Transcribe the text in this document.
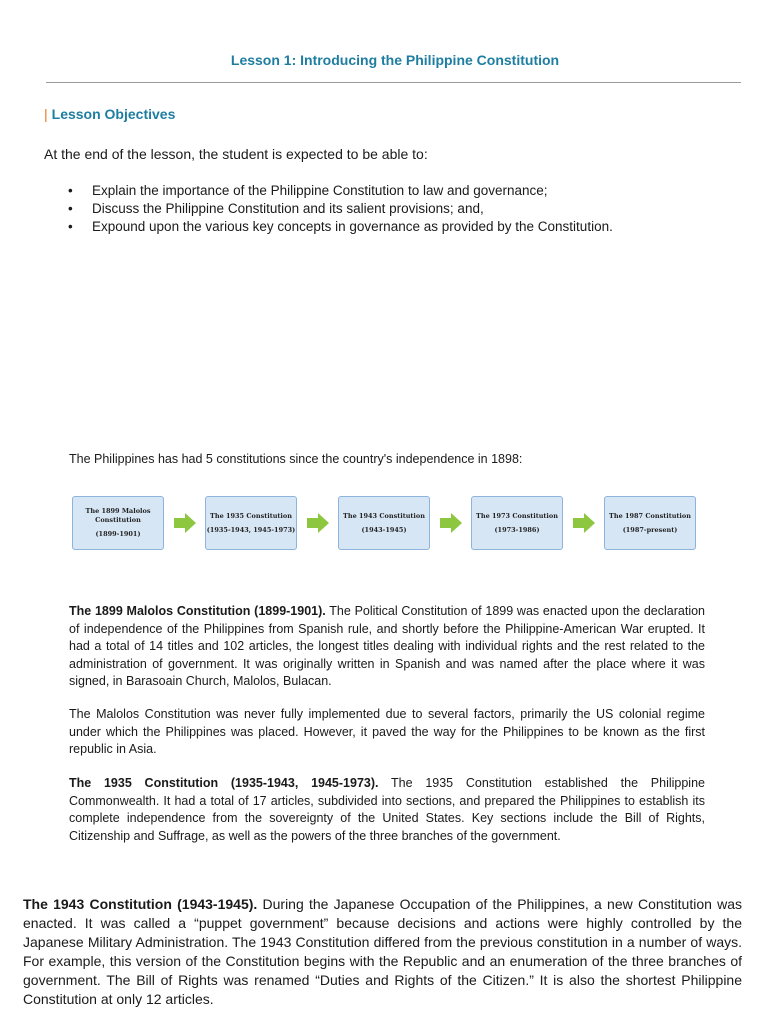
Lesson 1: Introducing the Philippine Constitution
| Lesson Objectives
At the end of the lesson, the student is expected to be able to:
• Explain the importance of the Philippine Constitution to law and governance;
• Discuss the Philippine Constitution and its salient provisions; and,
• Expound upon the various key concepts in governance as provided by the Constitution.
The Philippines has had 5 constitutions since the country's independence in 1898:
The 1899 Malolos
Constitution
(1899-1901)
The 1935 Constitution
(1935-1943, 1945-1973)
The 1943 Constitution
(1943-1945)
The 1973 Constitution
(1973-1986)
The 1987 Constitution
(1987-present)

The 1899 Malolos Constitution (1899-1901). The Political Constitution of 1899 was enacted upon the declaration of independence of the Philippines from Spanish rule, and shortly before the Philippine-American War erupted. It had a total of 14 titles and 102 articles, the longest titles dealing with individual rights and the rest related to the administration of government. It was originally written in Spanish and was named after the place where it was signed, in Barasoain Church, Malolos, Bulacan.

The Malolos Constitution was never fully implemented due to several factors, primarily the US colonial regime under which the Philippines was placed. However, it paved the way for the Philippines to be known as the first republic in Asia.

The 1935 Constitution (1935-1943, 1945-1973). The 1935 Constitution established the Philippine Commonwealth. It had a total of 17 articles, subdivided into sections, and prepared the Philippines to establish its complete independence from the sovereignty of the United States. Key sections include the Bill of Rights, Citizenship and Suffrage, as well as the powers of the three branches of the government.

The 1943 Constitution (1943-1945). During the Japanese Occupation of the Philippines, a new Constitution was enacted. It was called a “puppet government” because decisions and actions were highly controlled by the Japanese Military Administration. The 1943 Constitution differed from the previous constitution in a number of ways. For example, this version of the Constitution begins with the Republic and an enumeration of the three branches of government. The Bill of Rights was renamed “Duties and Rights of the Citizen.” It is also the shortest Philippine Constitution at only 12 articles.
